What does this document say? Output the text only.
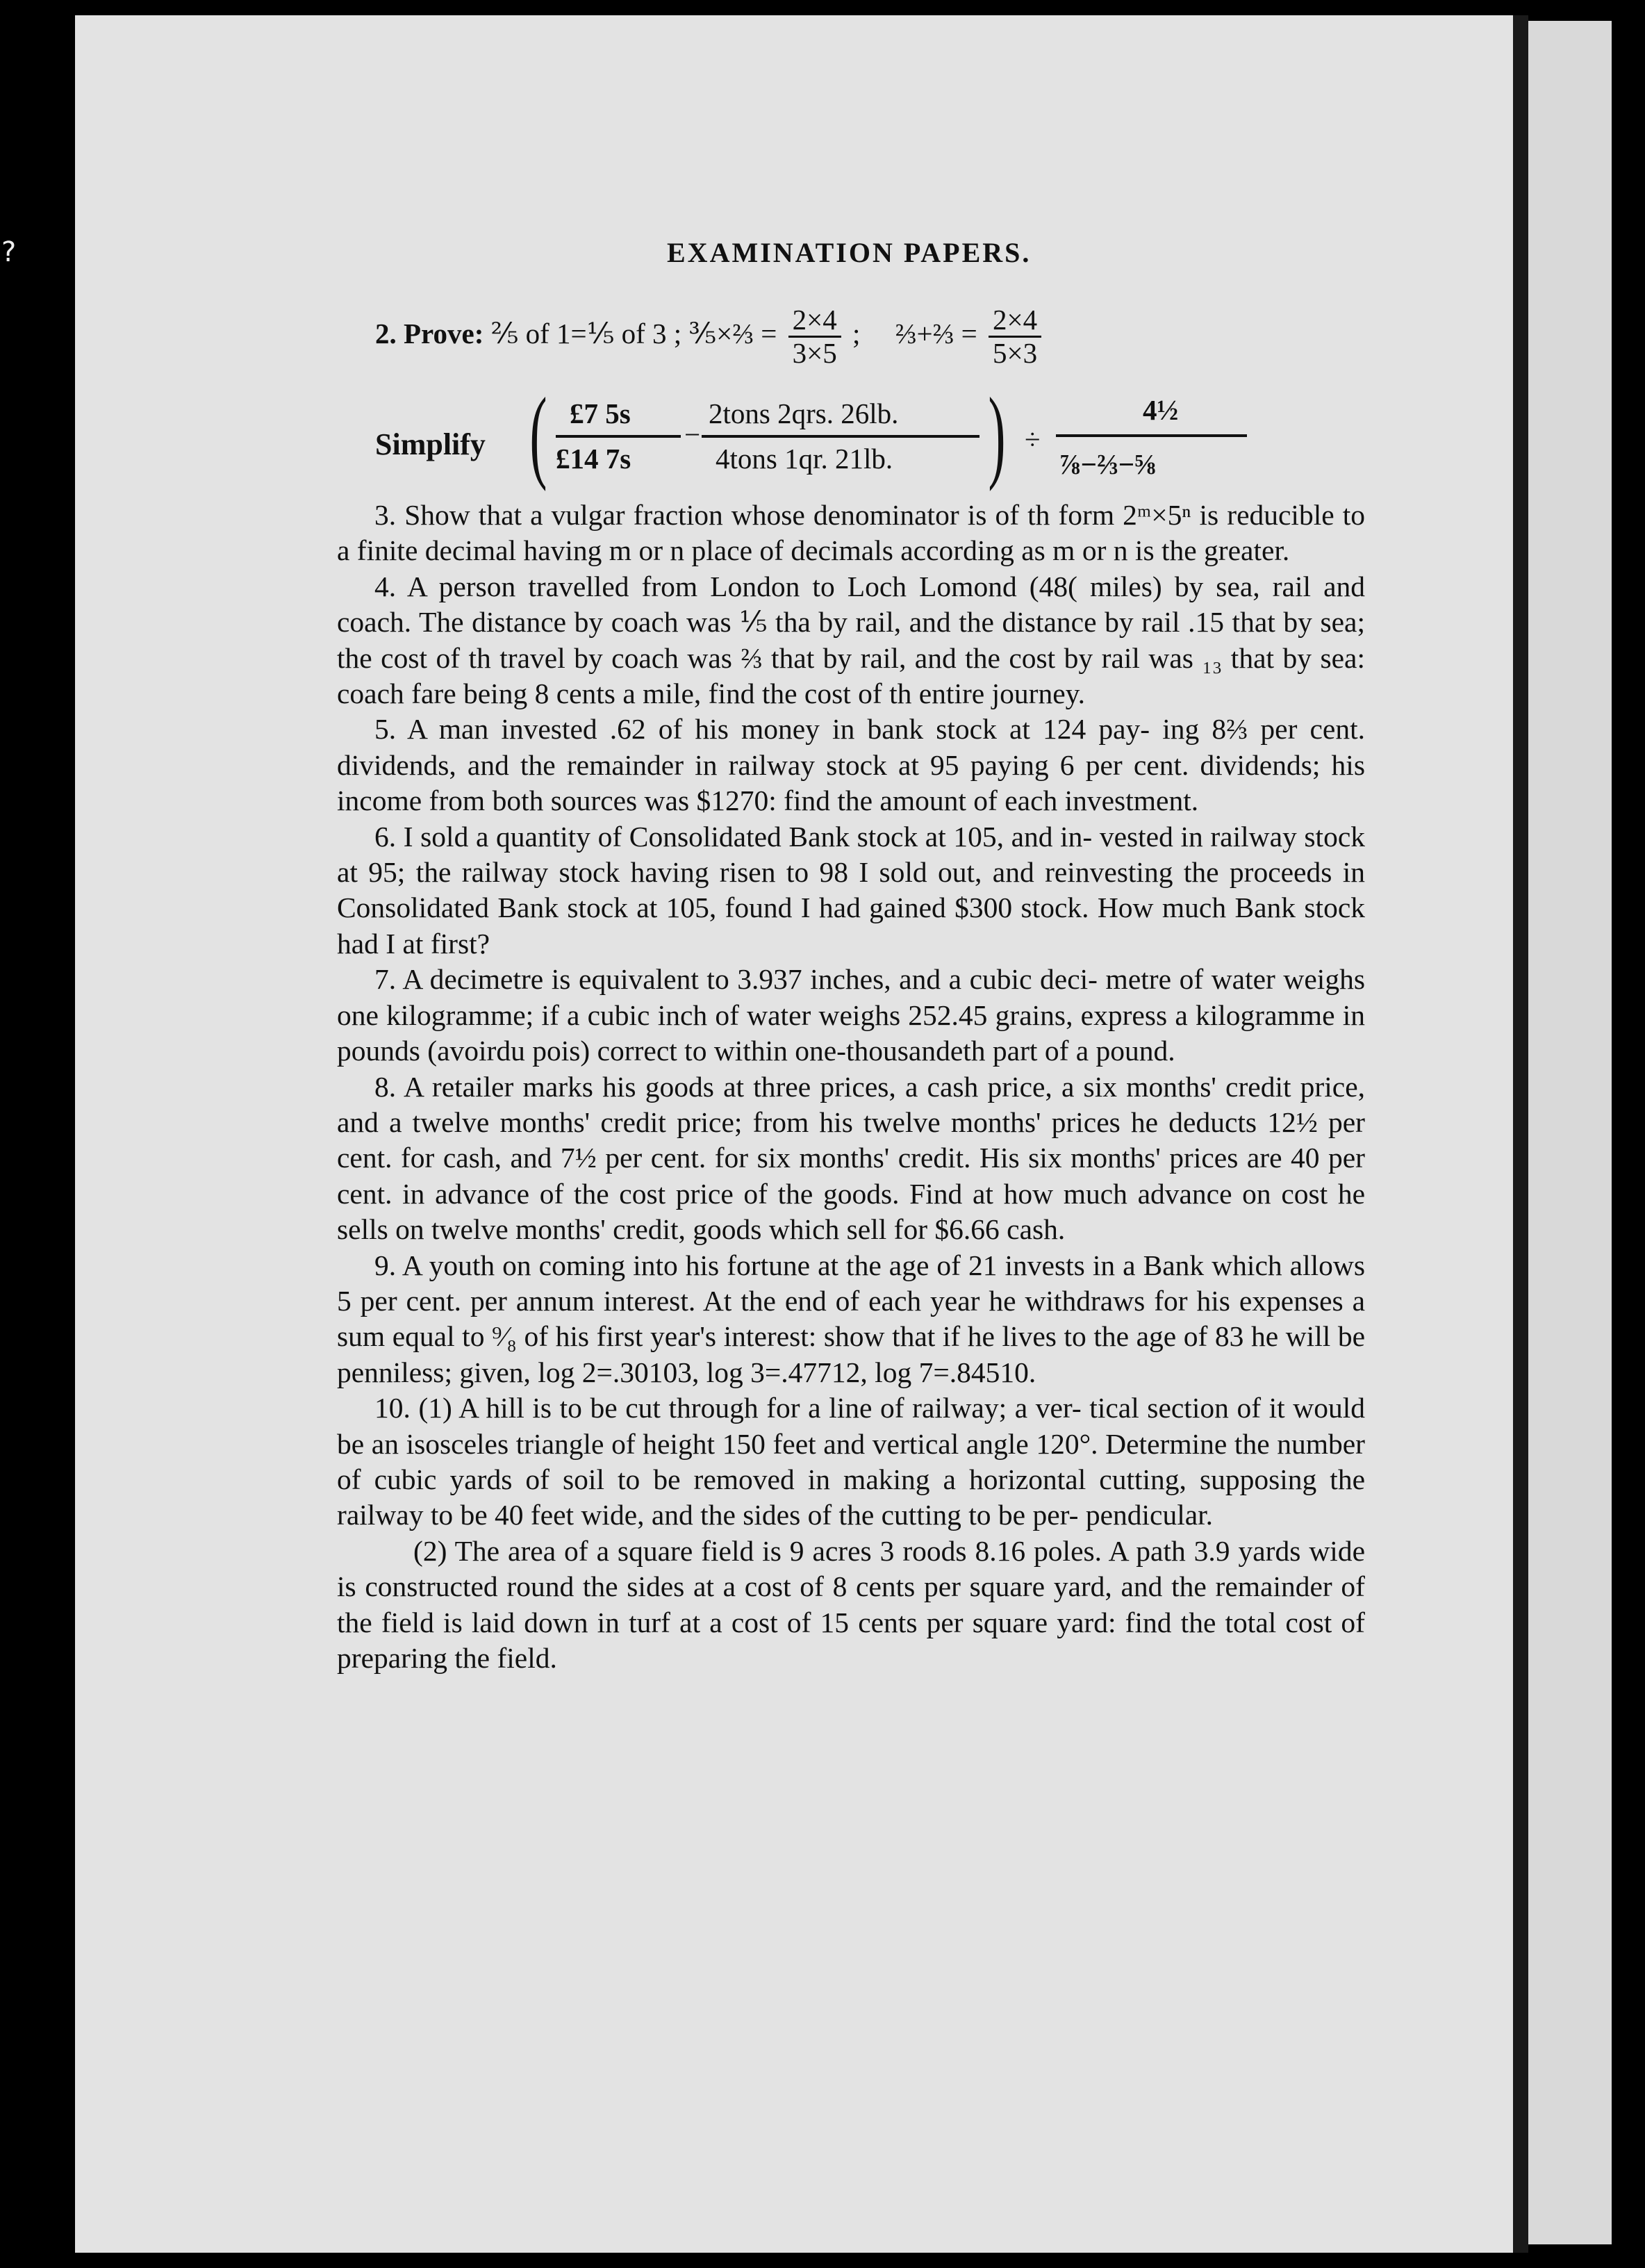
?	EXAMINATION PAPERS.
2. Prove: ⅖ of 1=⅕ of 3 ; ⅗×⅔ = $\frac{2\times 4}{3\times 5}$ ; ⅔+⅔ = $\frac{2\times 4}{5\times 3}$
Simplify ( £7 5s
£14 7s
−
2tons 2qrs. 26lb.
4tons 1qr. 21lb. ) ÷
4½
⅞−⅔−⅝

3. Show that a vulgar fraction whose denominator is of th form 2ᵐ×5ⁿ is reducible to a finite decimal having m or n place of decimals according as m or n is the greater.

4. A person travelled from London to Loch Lomond (48( miles) by sea, rail and coach. The distance by coach was ⅕ tha by rail, and the distance by rail .15 that by sea; the cost of th travel by coach was ⅔ that by rail, and the cost by rail was ₁₃ that by sea: coach fare being 8 cents a mile, find the cost of th entire journey.

5. A man invested .62 of his money in bank stock at 124 pay- ing 8⅔ per cent. dividends, and the remainder in railway stock at 95 paying 6 per cent. dividends; his income from both sources was $1270: find the amount of each investment.

6. I sold a quantity of Consolidated Bank stock at 105, and in- vested in railway stock at 95; the railway stock having risen to 98 I sold out, and reinvesting the proceeds in Consolidated Bank stock at 105, found I had gained $300 stock. How much Bank stock had I at first?

7. A decimetre is equivalent to 3.937 inches, and a cubic deci- metre of water weighs one kilogramme; if a cubic inch of water weighs 252.45 grains, express a kilogramme in pounds (avoirdu pois) correct to within one-thousandeth part of a pound.

8. A retailer marks his goods at three prices, a cash price, a six months' credit price, and a twelve months' credit price; from his twelve months' prices he deducts 12½ per cent. for cash, and 7½ per cent. for six months' credit. His six months' prices are 40 per cent. in advance of the cost price of the goods. Find at how much advance on cost he sells on twelve months' credit, goods which sell for $6.66 cash.

9. A youth on coming into his fortune at the age of 21 invests in a Bank which allows 5 per cent. per annum interest. At the end of each year he withdraws for his expenses a sum equal to ⁹⁄₈ of his first year's interest: show that if he lives to the age of 83 he will be penniless; given, log 2=.30103, log 3=.47712, log 7=.84510.

10. (1) A hill is to be cut through for a line of railway; a ver- tical section of it would be an isosceles triangle of height 150 feet and vertical angle 120°. Determine the number of cubic yards of soil to be removed in making a horizontal cutting, supposing the railway to be 40 feet wide, and the sides of the cutting to be per- pendicular.

(2) The area of a square field is 9 acres 3 roods 8.16 poles. A path 3.9 yards wide is constructed round the sides at a cost of 8 cents per square yard, and the remainder of the field is laid down in turf at a cost of 15 cents per square yard: find the total cost of preparing the field.
